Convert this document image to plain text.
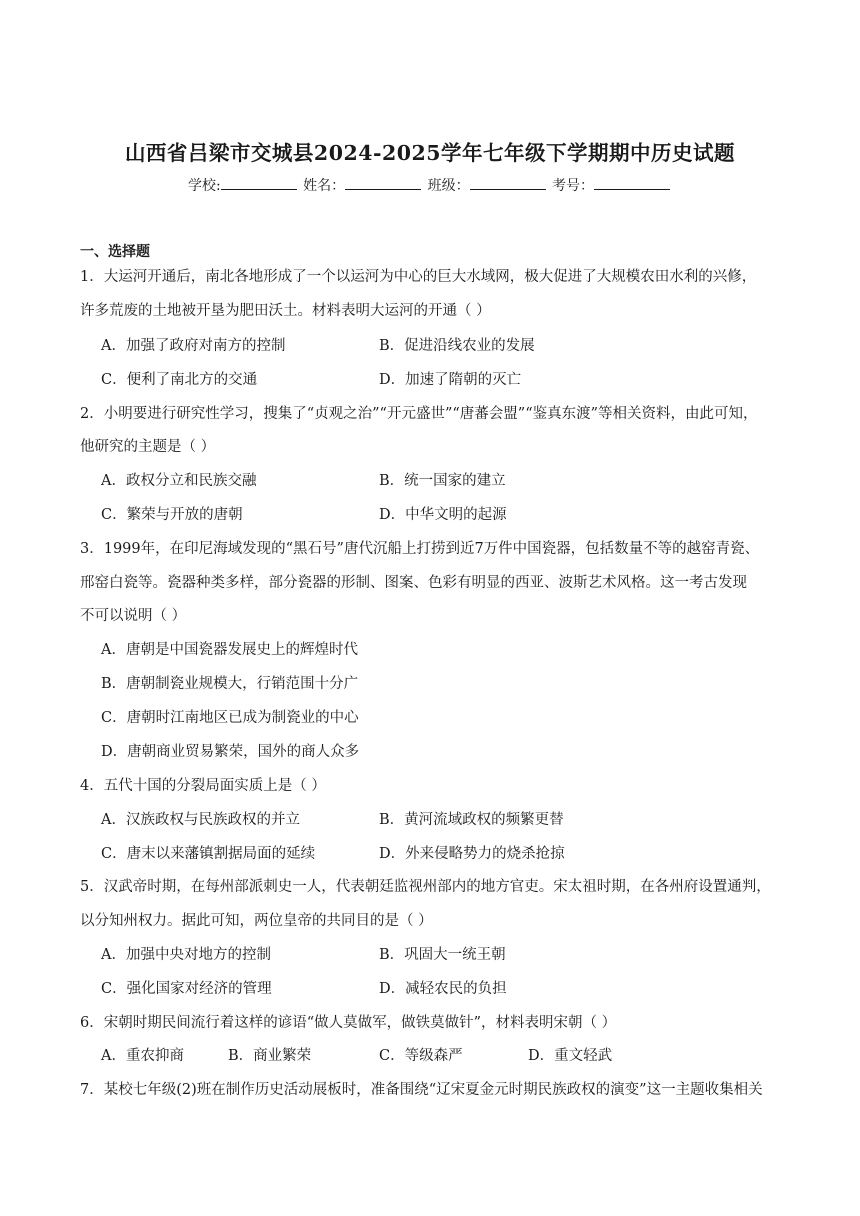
山西省吕梁市交城县2024-2025学年七年级下学期期中历史试题
学校:	姓名：	班级：	考号：
一、选择题
1．大运河开通后，南北各地形成了一个以运河为中心的巨大水域网，极大促进了大规模农田水利的兴修，
许多荒废的土地被开垦为肥田沃土。材料表明大运河的开通（ ）
A．加强了政府对南方的控制	B．促进沿线农业的发展
C．便利了南北方的交通	D．加速了隋朝的灭亡
2．小明要进行研究性学习，搜集了“贞观之治”“开元盛世”“唐蕃会盟”“鉴真东渡”等相关资料，由此可知，
他研究的主题是（ ）
A．政权分立和民族交融	B．统一国家的建立
C．繁荣与开放的唐朝	D．中华文明的起源
3．1999年，在印尼海域发现的“黑石号”唐代沉船上打捞到近7万件中国瓷器，包括数量不等的越窑青瓷、
邢窑白瓷等。瓷器种类多样，部分瓷器的形制、图案、色彩有明显的西亚、波斯艺术风格。这一考古发现
不可以说明（ ）
A．唐朝是中国瓷器发展史上的辉煌时代
B．唐朝制瓷业规模大，行销范围十分广
C．唐朝时江南地区已成为制瓷业的中心
D．唐朝商业贸易繁荣，国外的商人众多
4．五代十国的分裂局面实质上是（ ）
A．汉族政权与民族政权的并立	B．黄河流域政权的频繁更替
C．唐末以来藩镇割据局面的延续	D．外来侵略势力的烧杀抢掠
5．汉武帝时期，在每州部派刺史一人，代表朝廷监视州部内的地方官吏。宋太祖时期，在各州府设置通判，
以分知州权力。据此可知，两位皇帝的共同目的是（ ）
A．加强中央对地方的控制	B．巩固大一统王朝
C．强化国家对经济的管理	D．减轻农民的负担
6．宋朝时期民间流行着这样的谚语“做人莫做军，做铁莫做针”，材料表明宋朝（ ）
A．重农抑商	B．商业繁荣	C．等级森严	D．重文轻武
7．某校七年级(2)班在制作历史活动展板时，准备围绕“辽宋夏金元时期民族政权的演变”这一主题收集相关
